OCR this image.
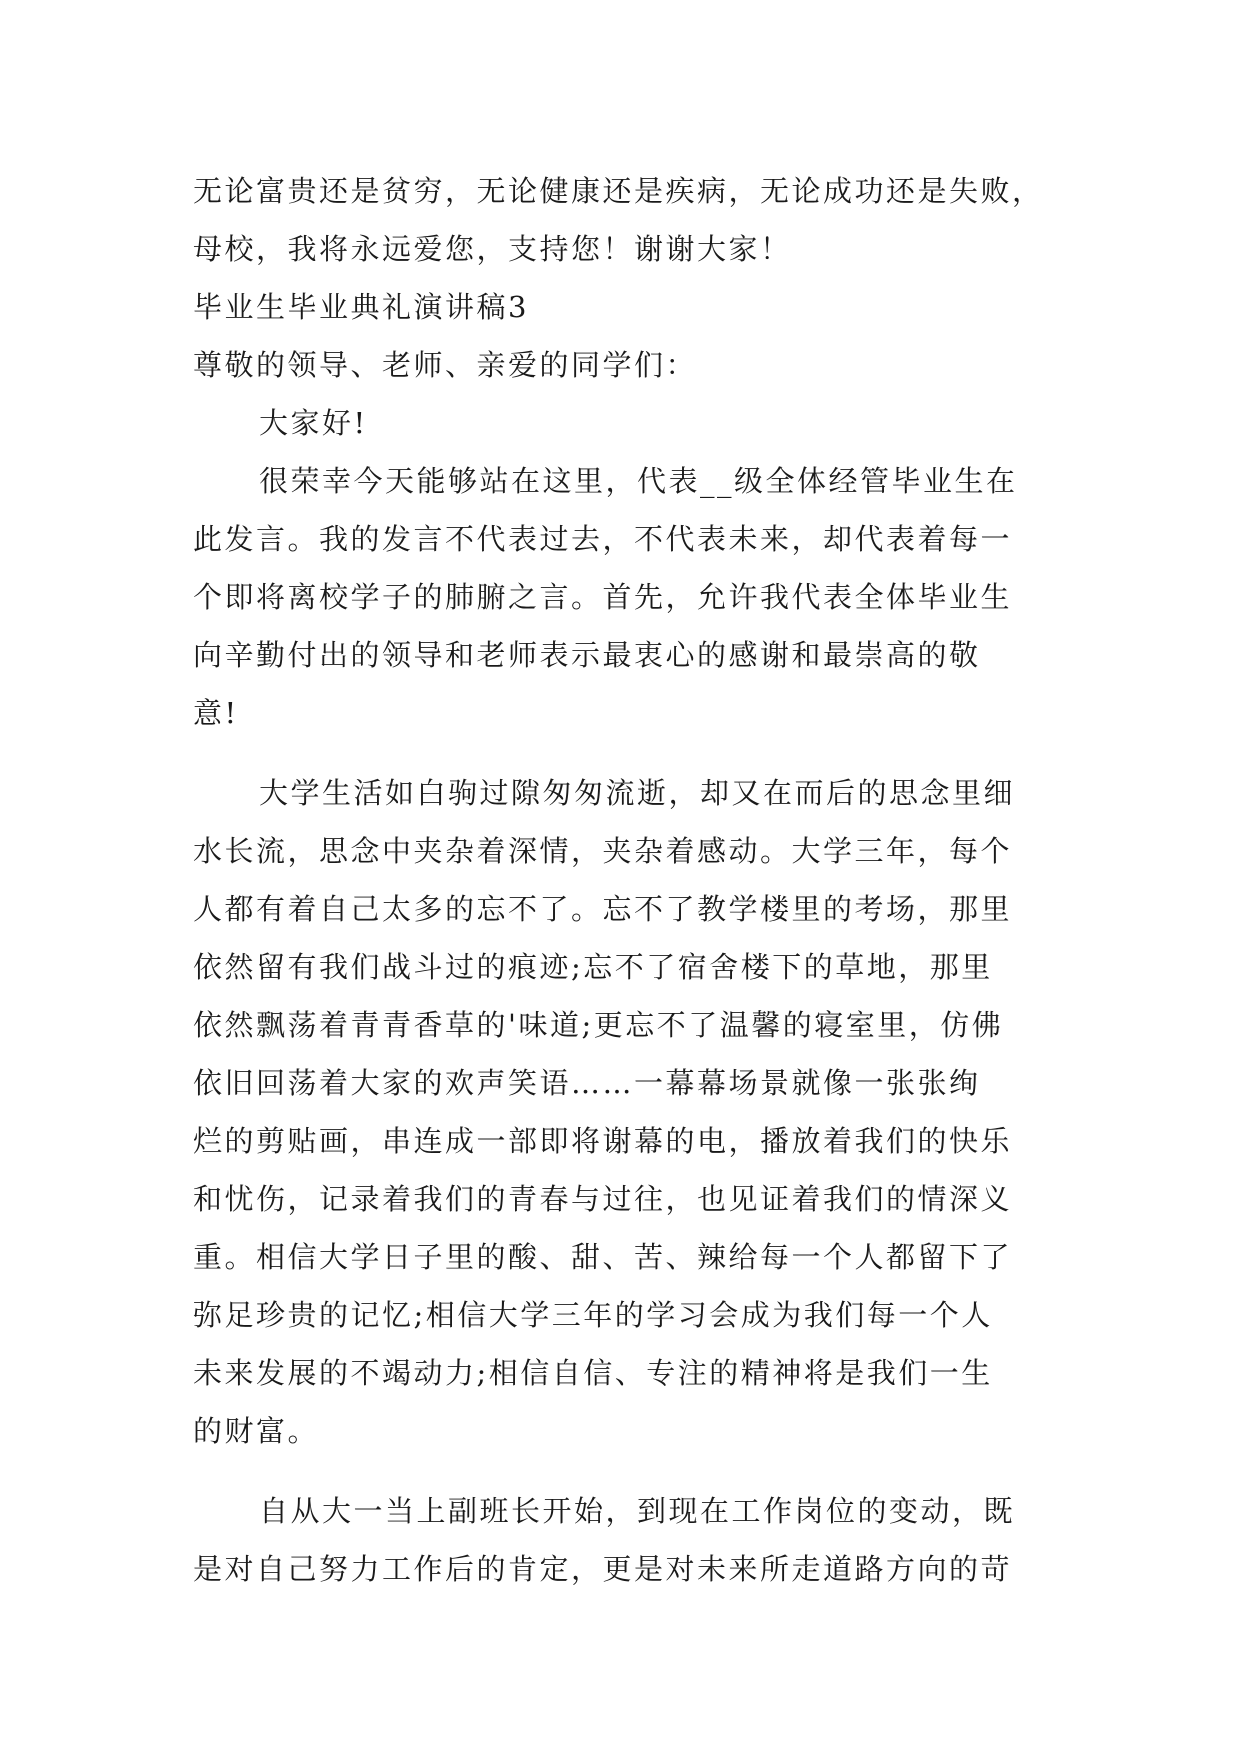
无论富贵还是贫穷，无论健康还是疾病，无论成功还是失败，
母校，我将永远爱您，支持您！谢谢大家！
毕业生毕业典礼演讲稿3
尊敬的领导、老师、亲爱的同学们：
大家好!
很荣幸今天能够站在这里，代表__级全体经管毕业生在
此发言。我的发言不代表过去，不代表未来，却代表着每一
个即将离校学子的肺腑之言。首先，允许我代表全体毕业生
向辛勤付出的领导和老师表示最衷心的感谢和最崇高的敬
意!
大学生活如白驹过隙匆匆流逝，却又在而后的思念里细
水长流，思念中夹杂着深情，夹杂着感动。大学三年，每个
人都有着自己太多的忘不了。忘不了教学楼里的考场，那里
依然留有我们战斗过的痕迹;忘不了宿舍楼下的草地，那里
依然飘荡着青青香草的'味道;更忘不了温馨的寝室里，仿佛
依旧回荡着大家的欢声笑语……一幕幕场景就像一张张绚
烂的剪贴画，串连成一部即将谢幕的电，播放着我们的快乐
和忧伤，记录着我们的青春与过往，也见证着我们的情深义
重。相信大学日子里的酸、甜、苦、辣给每一个人都留下了
弥足珍贵的记忆;相信大学三年的学习会成为我们每一个人
未来发展的不竭动力;相信自信、专注的精神将是我们一生
的财富。
自从大一当上副班长开始，到现在工作岗位的变动，既
是对自己努力工作后的肯定，更是对未来所走道路方向的苛
